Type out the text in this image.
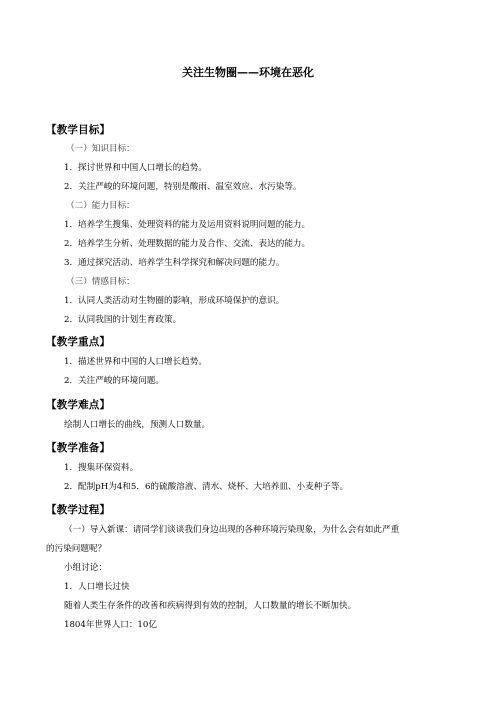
关注生物圈——环境在恶化
【教学目标】
（一）知识目标：
1．探讨世界和中国人口增长的趋势。
2．关注严峻的环境问题，特别是酸雨、温室效应、水污染等。
（二）能力目标：
1．培养学生搜集、处理资料的能力及运用资料说明问题的能力。
2．培养学生分析、处理数据的能力及合作、交流、表达的能力。
3．通过探究活动、培养学生科学探究和解决问题的能力。
（三）情感目标：
1．认同人类活动对生物圈的影响，形成环境保护的意识。
2．认同我国的计划生育政策。
【教学重点】
1．描述世界和中国的人口增长趋势。
2．关注严峻的环境问题。
【教学难点】
绘制人口增长的曲线，预测人口数量。
【教学准备】
1．搜集环保资料。
2．配制pH为4和5．6的硫酸溶液、清水、烧杯、大培养皿、小麦种子等。
【教学过程】
（一）导入新课：请同学们谈谈我们身边出现的各种环境污染现象，为什么会有如此严重
的污染问题呢？
小组讨论：
1．人口增长过快
随着人类生存条件的改善和疾病得到有效的控制，人口数量的增长不断加快。
1804年世界人口：10亿
